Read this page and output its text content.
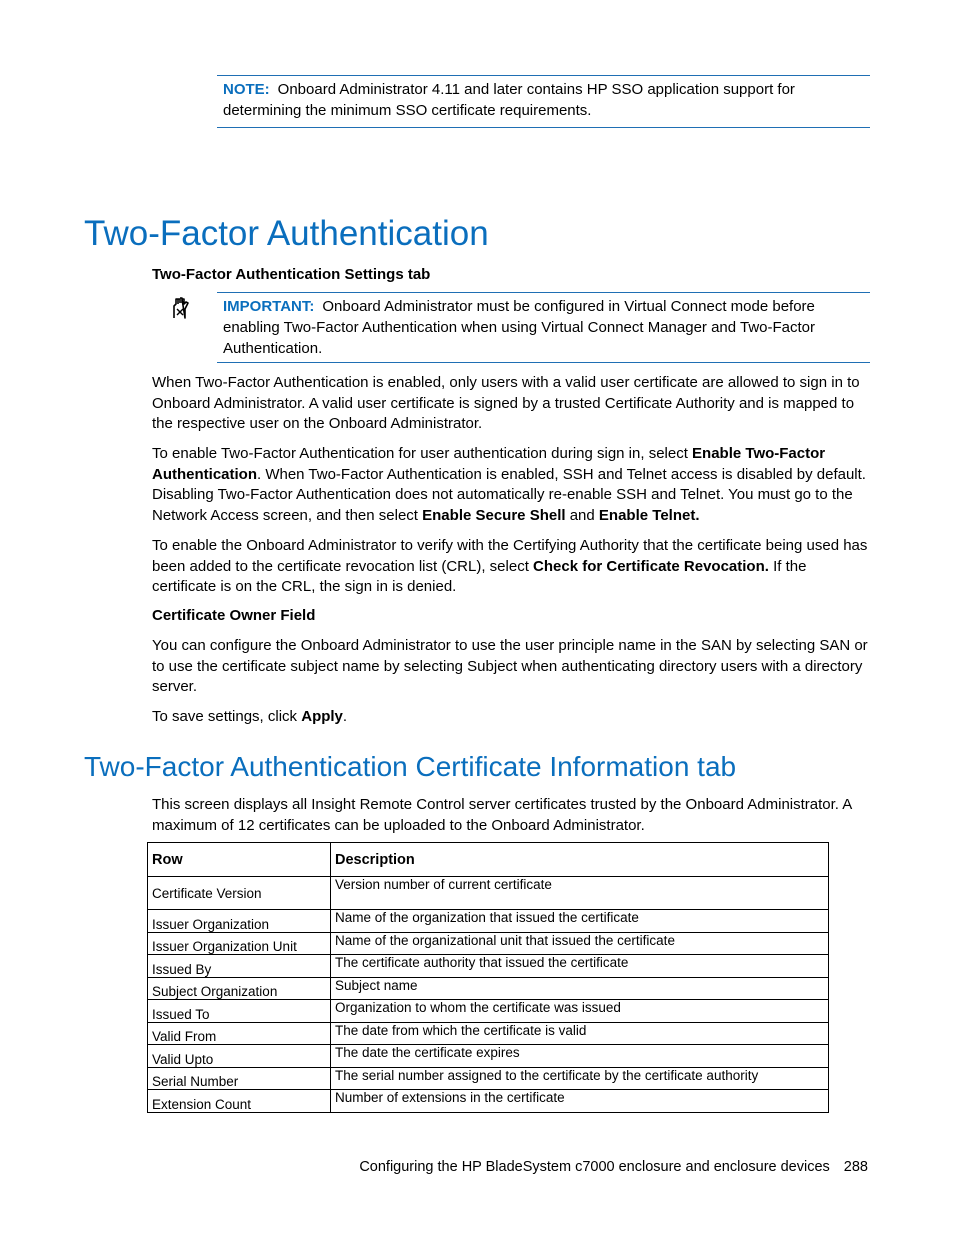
NOTE: Onboard Administrator 4.11 and later contains HP SSO application support for determining the minimum SSO certificate requirements.
Two-Factor Authentication
Two-Factor Authentication Settings tab
IMPORTANT: Onboard Administrator must be configured in Virtual Connect mode before enabling Two-Factor Authentication when using Virtual Connect Manager and Two-Factor Authentication.

When Two-Factor Authentication is enabled, only users with a valid user certificate are allowed to sign in to Onboard Administrator. A valid user certificate is signed by a trusted Certificate Authority and is mapped to the respective user on the Onboard Administrator.

To enable Two-Factor Authentication for user authentication during sign in, select Enable Two-Factor Authentication. When Two-Factor Authentication is enabled, SSH and Telnet access is disabled by default. Disabling Two-Factor Authentication does not automatically re-enable SSH and Telnet. You must go to the Network Access screen, and then select Enable Secure Shell and Enable Telnet.

To enable the Onboard Administrator to verify with the Certifying Authority that the certificate being used has been added to the certificate revocation list (CRL), select Check for Certificate Revocation. If the certificate is on the CRL, the sign in is denied.

Certificate Owner Field

You can configure the Onboard Administrator to use the user principle name in the SAN by selecting SAN or to use the certificate subject name by selecting Subject when authenticating directory users with a directory server.

To save settings, click Apply.

Two-Factor Authentication Certificate Information tab

This screen displays all Insight Remote Control server certificates trusted by the Onboard Administrator. A maximum of 12 certificates can be uploaded to the Onboard Administrator.

Row	Description
Certificate Version	Version number of current certificate
Issuer Organization	Name of the organization that issued the certificate
Issuer Organization Unit	Name of the organizational unit that issued the certificate
Issued By	The certificate authority that issued the certificate
Subject Organization	Subject name
Issued To	Organization to whom the certificate was issued
Valid From	The date from which the certificate is valid
Valid Upto	The date the certificate expires
Serial Number	The serial number assigned to the certificate by the certificate authority
Extension Count	Number of extensions in the certificate
Configuring the HP BladeSystem c7000 enclosure and enclosure devices 288
